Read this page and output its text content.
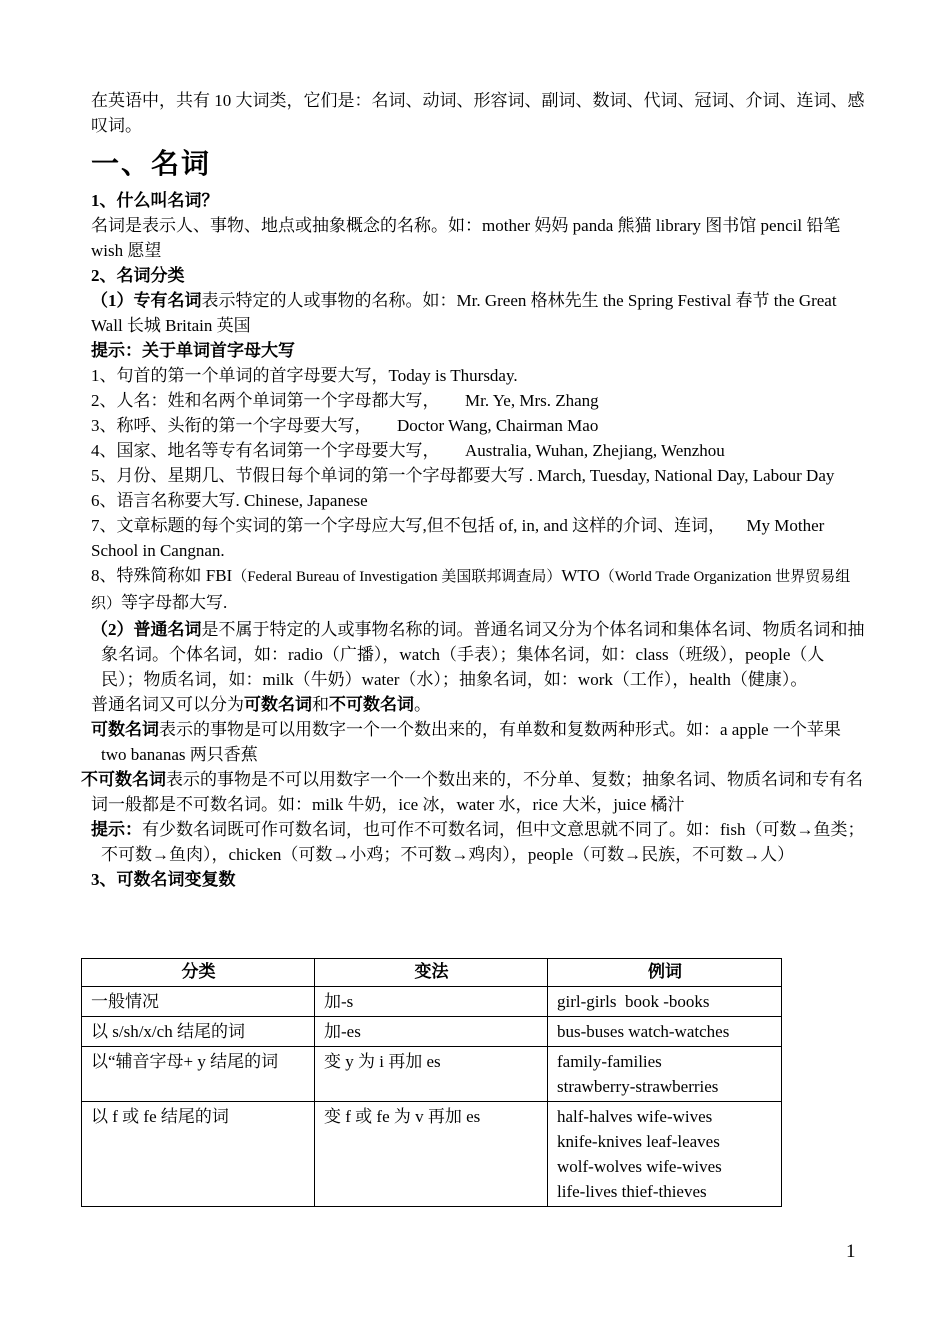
在英语中，共有 10 大词类，它们是：名词、动词、形容词、副词、数词、代词、冠词、介词、连词、感叹词。

一、名词

1、什么叫名词？

名词是表示人、事物、地点或抽象概念的名称。如：mother 妈妈 panda 熊猫 library 图书馆 pencil 铅笔 wish 愿望

2、名词分类

（1）专有名词表示特定的人或事物的名称。如：Mr. Green 格林先生 the Spring Festival 春节 the Great Wall 长城 Britain 英国

提示：关于单词首字母大写

1、句首的第一个单词的首字母要大写，Today is Thursday.

2、人名：姓和名两个单词第一个字母都大写，      Mr. Ye, Mrs. Zhang

3、称呼、头衔的第一个字母要大写，      Doctor Wang, Chairman Mao

4、国家、地名等专有名词第一个字母要大写，      Australia, Wuhan, Zhejiang, Wenzhou

5、月份、星期几、节假日每个单词的第一个字母都要大写 . March, Tuesday, National Day, Labour Day

6、语言名称要大写. Chinese, Japanese

7、文章标题的每个实词的第一个字母应大写,但不包括 of, in, and 这样的介词、连词，     My Mother School in Cangnan.

8、特殊简称如 FBI（Federal Bureau of Investigation 美国联邦调查局）WTO（World Trade Organization 世界贸易组织）等字母都大写.

（2）普通名词是不属于特定的人或事物名称的词。普通名词又分为个体名词和集体名词、物质名词和抽象名词。个体名词，如：radio（广播），watch（手表）；集体名词，如：class（班级），people（人民）；物质名词，如：milk（牛奶）water（水）；抽象名词，如：work（工作），health（健康）。

普通名词又可以分为可数名词和不可数名词。

可数名词表示的事物是可以用数字一个一个数出来的，有单数和复数两种形式。如：a apple 一个苹果 two bananas 两只香蕉

不可数名词表示的事物是不可以用数字一个一个数出来的，不分单、复数；抽象名词、物质名词和专有名词一般都是不可数名词。如：milk 牛奶，ice 冰，water 水，rice 大米，juice 橘汁

提示：有少数名词既可作可数名词，也可作不可数名词，但中文意思就不同了。如：fish（可数→鱼类；不可数→鱼肉），chicken（可数→小鸡；不可数→鸡肉），people（可数→民族，不可数→人）

3、可数名词变复数

分类	变法	例词
一般情况	加-s	girl-girls  book -books

以 s/sh/x/ch 结尾的词	加-es	bus-buses watch-watches

以“辅音字母+ y 结尾的词	变 y 为 i 再加 es	family-families
strawberry-strawberries

以 f 或 fe 结尾的词	变 f 或 fe 为 v 再加 es	half-halves wife-wives
knife-knives leaf-leaves
wolf-wolves wife-wives
life-lives thief-thieves
1
